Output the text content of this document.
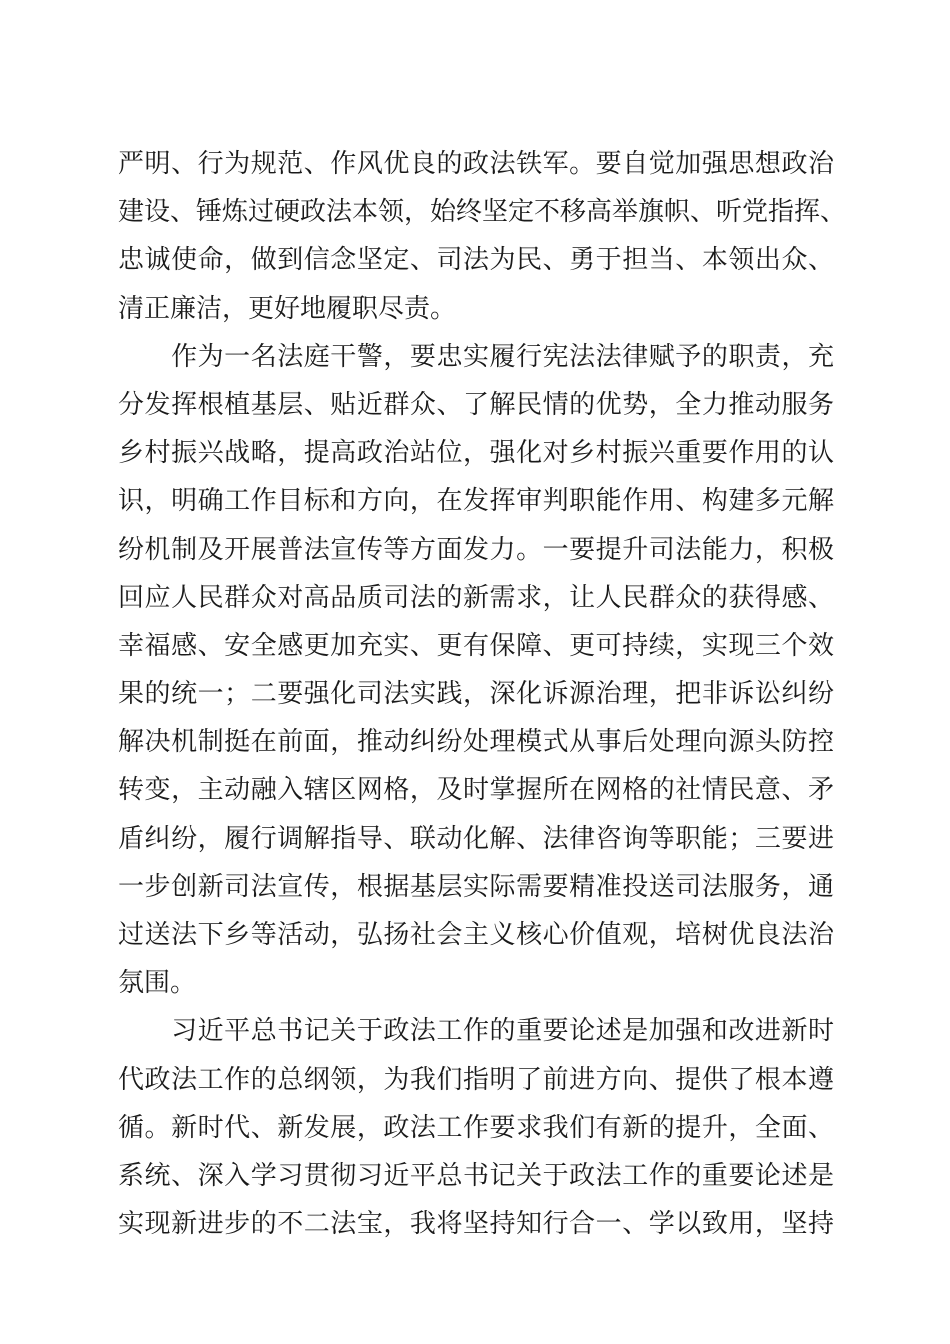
严明、行为规范、作风优良的政法铁军。要自觉加强思想政治
建设、锤炼过硬政法本领，始终坚定不移高举旗帜、听党指挥、
忠诚使命，做到信念坚定、司法为民、勇于担当、本领出众、
清正廉洁，更好地履职尽责。
　　作为一名法庭干警，要忠实履行宪法法律赋予的职责，充
分发挥根植基层、贴近群众、了解民情的优势，全力推动服务
乡村振兴战略，提高政治站位，强化对乡村振兴重要作用的认
识，明确工作目标和方向，在发挥审判职能作用、构建多元解
纷机制及开展普法宣传等方面发力。一要提升司法能力，积极
回应人民群众对高品质司法的新需求，让人民群众的获得感、
幸福感、安全感更加充实、更有保障、更可持续，实现三个效
果的统一；二要强化司法实践，深化诉源治理，把非诉讼纠纷
解决机制挺在前面，推动纠纷处理模式从事后处理向源头防控
转变，主动融入辖区网格，及时掌握所在网格的社情民意、矛
盾纠纷，履行调解指导、联动化解、法律咨询等职能；三要进
一步创新司法宣传，根据基层实际需要精准投送司法服务，通
过送法下乡等活动，弘扬社会主义核心价值观，培树优良法治
氛围。
　　习近平总书记关于政法工作的重要论述是加强和改进新时
代政法工作的总纲领，为我们指明了前进方向、提供了根本遵
循。新时代、新发展，政法工作要求我们有新的提升，全面、
系统、深入学习贯彻习近平总书记关于政法工作的重要论述是
实现新进步的不二法宝，我将坚持知行合一、学以致用，坚持
